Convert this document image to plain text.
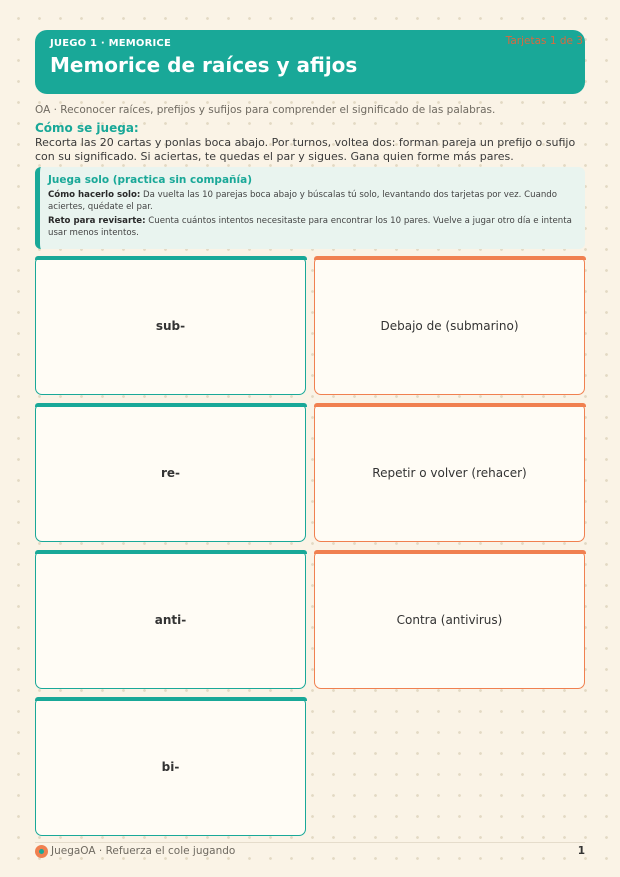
JUEGO 1 · MEMORICE
Memorice de raíces y afijos
Tarjetas 1 de 3
OA · Reconocer raíces, prefijos y sufijos para comprender el significado de las palabras.
Cómo se juega:
Recorta las 20 cartas y ponlas boca abajo. Por turnos, voltea dos: forman pareja un prefijo o sufijo con su significado. Si aciertas, te quedas el par y sigues. Gana quien forme más pares.
Juega solo (practica sin compañía)

Cómo hacerlo solo: Da vuelta las 10 parejas boca abajo y búscalas tú solo, levantando dos tarjetas por vez. Cuando aciertes, quédate el par.

Reto para revisarte: Cuenta cuántos intentos necesitaste para encontrar los 10 pares. Vuelve a jugar otro día e intenta usar menos intentos.

sub-	Debajo de (submarino)
re-	Repetir o volver (rehacer)
anti-	Contra (antivirus)
bi-
JuegaOA · Refuerza el cole jugando	1
